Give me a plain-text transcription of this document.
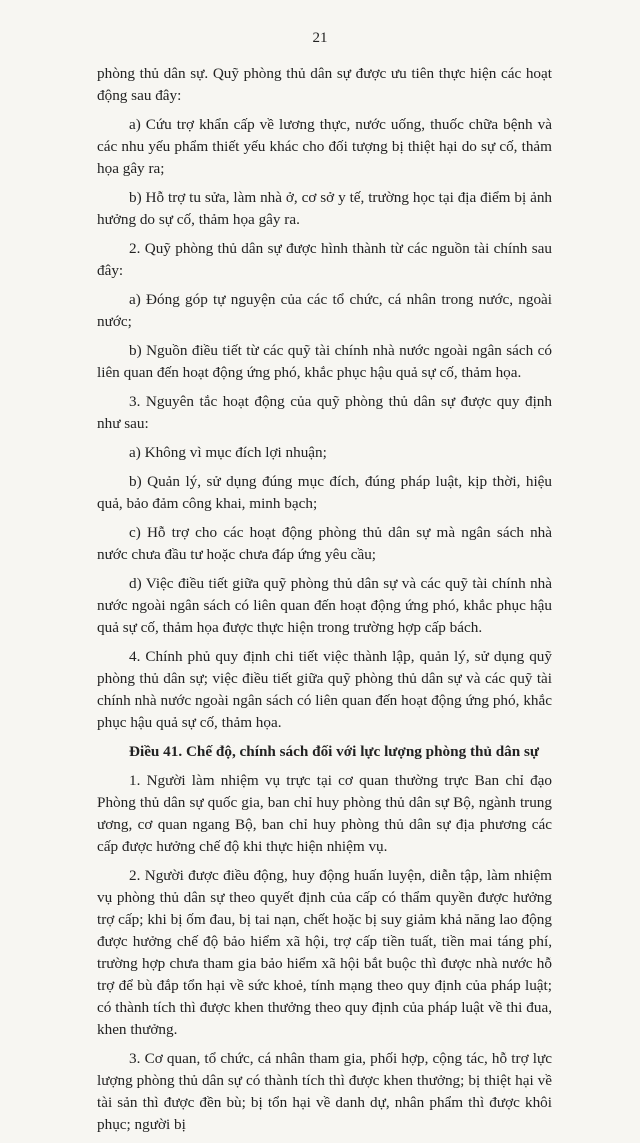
21

phòng thủ dân sự. Quỹ phòng thủ dân sự được ưu tiên thực hiện các hoạt động sau đây:

a) Cứu trợ khẩn cấp về lương thực, nước uống, thuốc chữa bệnh và các nhu yếu phẩm thiết yếu khác cho đối tượng bị thiệt hại do sự cố, thảm họa gây ra;

b) Hỗ trợ tu sửa, làm nhà ở, cơ sở y tế, trường học tại địa điểm bị ảnh hưởng do sự cố, thảm họa gây ra.

2. Quỹ phòng thủ dân sự được hình thành từ các nguồn tài chính sau đây:

a) Đóng góp tự nguyện của các tổ chức, cá nhân trong nước, ngoài nước;

b) Nguồn điều tiết từ các quỹ tài chính nhà nước ngoài ngân sách có liên quan đến hoạt động ứng phó, khắc phục hậu quả sự cố, thảm họa.

3. Nguyên tắc hoạt động của quỹ phòng thủ dân sự được quy định như sau:

a) Không vì mục đích lợi nhuận;

b) Quản lý, sử dụng đúng mục đích, đúng pháp luật, kịp thời, hiệu quả, bảo đảm công khai, minh bạch;

c) Hỗ trợ cho các hoạt động phòng thủ dân sự mà ngân sách nhà nước chưa đầu tư hoặc chưa đáp ứng yêu cầu;

d) Việc điều tiết giữa quỹ phòng thủ dân sự và các quỹ tài chính nhà nước ngoài ngân sách có liên quan đến hoạt động ứng phó, khắc phục hậu quả sự cố, thảm họa được thực hiện trong trường hợp cấp bách.

4. Chính phủ quy định chi tiết việc thành lập, quản lý, sử dụng quỹ phòng thủ dân sự; việc điều tiết giữa quỹ phòng thủ dân sự và các quỹ tài chính nhà nước ngoài ngân sách có liên quan đến hoạt động ứng phó, khắc phục hậu quả sự cố, thảm họa.

Điều 41. Chế độ, chính sách đối với lực lượng phòng thủ dân sự

1. Người làm nhiệm vụ trực tại cơ quan thường trực Ban chỉ đạo Phòng thủ dân sự quốc gia, ban chỉ huy phòng thủ dân sự Bộ, ngành trung ương, cơ quan ngang Bộ, ban chỉ huy phòng thủ dân sự địa phương các cấp được hưởng chế độ khi thực hiện nhiệm vụ.

2. Người được điều động, huy động huấn luyện, diễn tập, làm nhiệm vụ phòng thủ dân sự theo quyết định của cấp có thẩm quyền được hưởng trợ cấp; khi bị ốm đau, bị tai nạn, chết hoặc bị suy giảm khả năng lao động được hưởng chế độ bảo hiểm xã hội, trợ cấp tiền tuất, tiền mai táng phí, trường hợp chưa tham gia bảo hiểm xã hội bắt buộc thì được nhà nước hỗ trợ để bù đắp tổn hại về sức khoẻ, tính mạng theo quy định của pháp luật; có thành tích thì được khen thưởng theo quy định của pháp luật về thi đua, khen thưởng.

3. Cơ quan, tổ chức, cá nhân tham gia, phối hợp, cộng tác, hỗ trợ lực lượng phòng thủ dân sự có thành tích thì được khen thưởng; bị thiệt hại về tài sản thì được đền bù; bị tổn hại về danh dự, nhân phẩm thì được khôi phục; người bị
